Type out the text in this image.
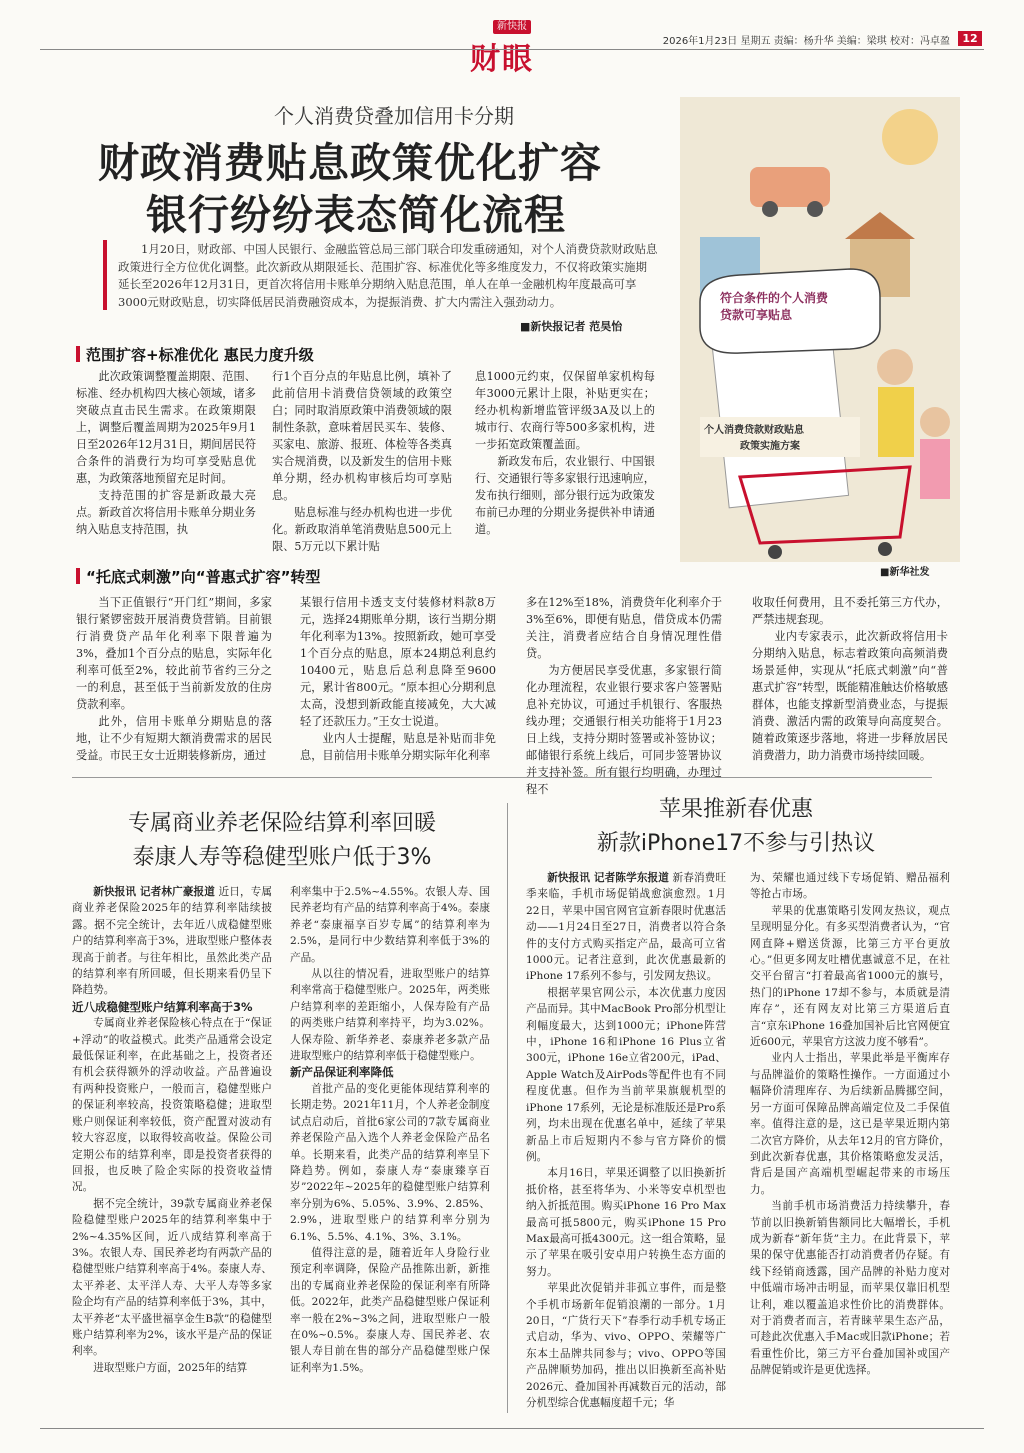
新快报
财眼
2026年1月23日 星期五 责编：杨升华 美编：梁琪 校对：冯卓盈	12
个人消费贷叠加信用卡分期
财政消费贴息政策优化扩容
银行纷纷表态简化流程
1月20日，财政部、中国人民银行、金融监管总局三部门联合印发重磅通知，对个人消费贷款财政贴息政策进行全方位优化调整。此次新政从期限延长、范围扩容、标准优化等多维度发力，不仅将政策实施期延长至2026年12月31日，更首次将信用卡账单分期纳入贴息范围，单人在单一金融机构年度最高可享3000元财政贴息，切实降低居民消费融资成本，为提振消费、扩大内需注入强劲动力。
■新快报记者 范昊怡
符合条件的个人消费
贷款可享贴息
个人消费贷款财政贴息
政策实施方案
■新华社发
范围扩容+标准优化 惠民力度升级

此次政策调整覆盖期限、范围、标准、经办机构四大核心领域，诸多突破点直击民生需求。在政策期限上，调整后覆盖周期为2025年9月1日至2026年12月31日，期间居民符合条件的消费行为均可享受贴息优惠，为政策落地预留充足时间。

支持范围的扩容是新政最大亮点。新政首次将信用卡账单分期业务纳入贴息支持范围，执

行1个百分点的年贴息比例，填补了此前信用卡消费信贷领域的政策空白；同时取消原政策中消费领域的限制性条款，意味着居民买车、装修、买家电、旅游、报班、体检等各类真实合规消费，以及新发生的信用卡账单分期，经办机构审核后均可享贴息。

贴息标准与经办机构也进一步优化。新政取消单笔消费贴息500元上限、5万元以下累计贴

息1000元约束，仅保留单家机构每年3000元累计上限，补贴更实在；经办机构新增监管评级3A及以上的城市行、农商行等500多家机构，进一步拓宽政策覆盖面。

新政发布后，农业银行、中国银行、交通银行等多家银行迅速响应，发布执行细则，部分银行远为政策发布前已办理的分期业务提供补申请通道。

“托底式刺激”向“普惠式扩容”转型

当下正值银行“开门红”期间，多家银行紧锣密鼓开展消费贷营销。目前银行消费贷产品年化利率下限普遍为3%，叠加1个百分点的贴息，实际年化利率可低至2%，较此前节省约三分之一的利息，甚至低于当前新发放的住房贷款利率。

此外，信用卡账单分期贴息的落地，让不少有短期大额消费需求的居民受益。市民王女士近期装修新房，通过

某银行信用卡透支支付装修材料款8万元，选择24期账单分期，该行当期分期年化利率为13%。按照新政，她可享受1个百分点的贴息，原本24期总利息约10400元，贴息后总利息降至9600元，累计省800元。“原本担心分期利息太高，没想到新政能直接减免，大大减轻了还款压力。”王女士说道。

业内人士提醒，贴息是补贴而非免息，目前信用卡账单分期实际年化利率

多在12%至18%，消费贷年化利率介于3%至6%，即便有贴息，借贷成本仍需关注，消费者应结合自身情况理性借贷。

为方便居民享受优惠，多家银行简化办理流程，农业银行要求客户签署贴息补充协议，可通过手机银行、客服热线办理；交通银行相关功能将于1月23日上线，支持分期时签署或补签协议；邮储银行系统上线后，可同步签署协议并支持补签。所有银行均明确，办理过程不

收取任何费用，且不委托第三方代办，严禁违规套现。

业内专家表示，此次新政将信用卡分期纳入贴息，标志着政策向高频消费场景延伸，实现从“托底式刺激”向“普惠式扩容”转型，既能精准触达价格敏感群体，也能支撑新型消费业态，与提振消费、激活内需的政策导向高度契合。随着政策逐步落地，将进一步释放居民消费潜力，助力消费市场持续回暖。

专属商业养老保险结算利率回暖
泰康人寿等稳健型账户低于3%

新快报讯 记者林广豪报道 近日，专属商业养老保险2025年的结算利率陆续披露。据不完全统计，去年近八成稳健型账户的结算利率高于3%，进取型账户整体表现高于前者。与往年相比，虽然此类产品的结算利率有所回暖，但长期来看仍呈下降趋势。

近八成稳健型账户结算利率高于3%

专属商业养老保险核心特点在于“保证+浮动”的收益模式。此类产品通常会设定最低保证利率，在此基础之上，投资者还有机会获得额外的浮动收益。产品普遍设有两种投资账户，一般而言，稳健型账户的保证利率较高，投资策略稳健；进取型账户则保证利率较低，资产配置对波动有较大容忍度，以取得较高收益。保险公司定期公布的结算利率，即是投资者获得的回报，也反映了险企实际的投资收益情况。

据不完全统计，39款专属商业养老保险稳健型账户2025年的结算利率集中于2%~4.35%区间，近八成结算利率高于3%。农银人寿、国民养老均有两款产品的稳健型账户结算利率高于4%。泰康人寿、太平养老、太平洋人寿、大平人寿等多家险企均有产品的结算利率低于3%，其中，太平养老“太平盛世福享金生B款”的稳健型账户结算利率为2%，该水平是产品的保证利率。

进取型账户方面，2025年的结算

利率集中于2.5%~4.55%。农银人寿、国民养老均有产品的结算利率高于4%。泰康养老“泰康福享百岁专属”的结算利率为2.5%，是同行中少数结算利率低于3%的产品。

从以往的情况看，进取型账户的结算利率常高于稳健型账户。2025年，两类账户结算利率的差距缩小，人保寿险有产品的两类账户结算利率持平，均为3.02%。人保寿险、新华养老、泰康养老多款产品进取型账户的结算利率低于稳健型账户。

新产品保证利率降低

首批产品的变化更能体现结算利率的长期走势。2021年11月，个人养老金制度试点启动后，首批6家公司的7款专属商业养老保险产品入选个人养老金保险产品名单。长期来看，此类产品的结算利率呈下降趋势。例如，泰康人寿“泰康臻享百岁”2022年~2025年的稳健型账户结算利率分别为6%、5.05%、3.9%、2.85%、2.9%，进取型账户的结算利率分别为6.1%、5.5%、4.1%、3%、3.1%。

值得注意的是，随着近年人身险行业预定利率调降，保险产品推陈出新，新推出的专属商业养老保险的保证利率有所降低。2022年，此类产品稳健型账户保证利率一般在2%~3%之间，进取型账户一般在0%~0.5%。泰康人寿、国民养老、农银人寿目前在售的部分产品稳健型账户保证利率为1.5%。

苹果推新春优惠
新款iPhone17不参与引热议

新快报讯 记者陈学东报道 新春消费旺季来临，手机市场促销战愈演愈烈。1月22日，苹果中国官网官宣新春限时优惠活动——1月24日至27日，消费者以符合条件的支付方式购买指定产品，最高可立省1000元。记者注意到，此次优惠最新的iPhone 17系列不参与，引发网友热议。

根据苹果官网公示，本次优惠力度因产品而异。其中MacBook Pro部分机型让利幅度最大，达到1000元；iPhone阵营中，iPhone 16和iPhone 16 Plus立省300元，iPhone 16e立省200元，iPad、Apple Watch及AirPods等配件也有不同程度优惠。但作为当前苹果旗舰机型的iPhone 17系列，无论是标准版还是Pro系列，均未出现在优惠名单中，延续了苹果新品上市后短期内不参与官方降价的惯例。

本月16日，苹果还调整了以旧换新折抵价格，甚至将华为、小米等安卓机型也纳入折抵范围。购买iPhone 16 Pro Max最高可抵5800元，购买iPhone 15 Pro Max最高可抵4300元。这一组合策略，显示了苹果在吸引安卓用户转换生态方面的努力。

苹果此次促销并非孤立事件，而是整个手机市场新年促销浪潮的一部分。1月20日，“广货行天下”春季行动手机专场正式启动，华为、vivo、OPPO、荣耀等广东本土品牌共同参与；vivo、OPPO等国产品牌顺势加码，推出以旧换新至高补贴2026元、叠加国补再减数百元的活动，部分机型综合优惠幅度超千元；华

为、荣耀也通过线下专场促销、赠品福利等抢占市场。

苹果的优惠策略引发网友热议，观点呈现明显分化。有多买型消费者认为，“官网直降+赠送货源，比第三方平台更放心。”但更多网友吐槽优惠诚意不足，在社交平台留言“打着最高省1000元的旗号，热门的iPhone 17却不参与，本质就是清库存”，还有网友对比第三方渠道后直言“京东iPhone 16叠加国补后比官网便宜近600元，苹果官方这波力度不够看”。

业内人士指出，苹果此举是平衡库存与品牌溢价的策略性操作。一方面通过小幅降价清理库存、为后续新品腾挪空间，另一方面可保障品牌高端定位及二手保值率。值得注意的是，这已是苹果近期内第二次官方降价，从去年12月的官方降价，到此次新春优惠，其价格策略愈发灵活，背后是国产高端机型崛起带来的市场压力。

当前手机市场消费活力持续攀升，春节前以旧换新销售额同比大幅增长，手机成为新春“新年货”主力。在此背景下，苹果的保守优惠能否打动消费者仍存疑。有线下经销商透露，国产品牌的补贴力度对中低端市场冲击明显，而苹果仅靠旧机型让利，难以覆盖追求性价比的消费群体。对于消费者而言，若青睐苹果生态产品，可趁此次优惠入手Mac或旧款iPhone；若看重性价比，第三方平台叠加国补或国产品牌促销或许是更优选择。
